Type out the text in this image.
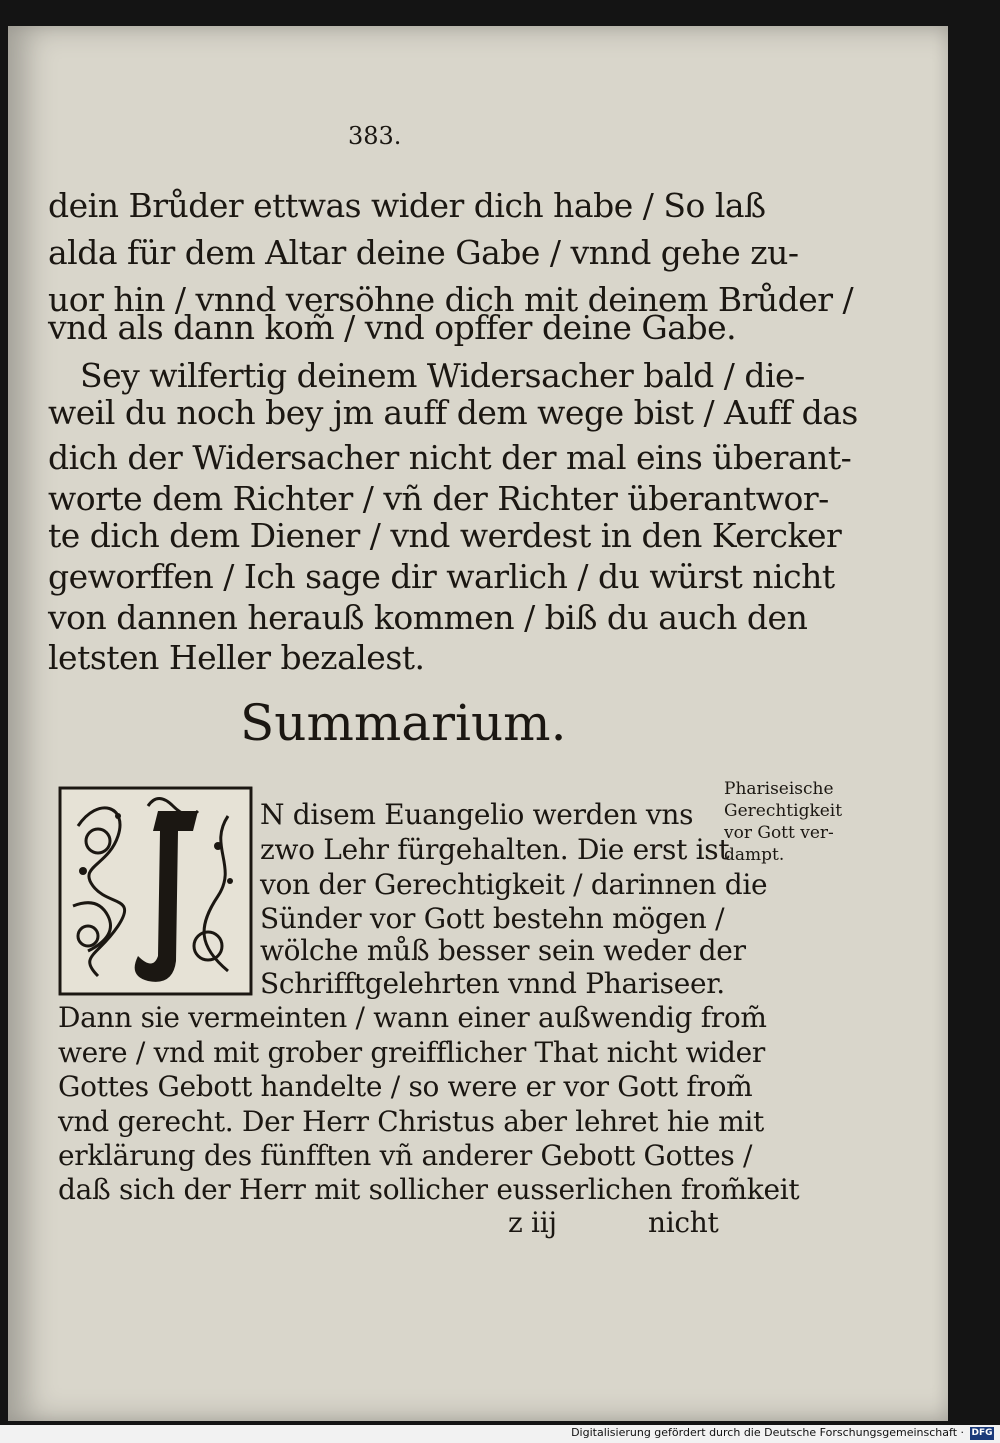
383.
dein Brůder ettwas wider dich habe / So laß
alda für dem Altar deine Gabe / vnnd gehe zu-
uor hin / vnnd versöhne dich mit deinem Brůder /
vnd als dann kom̃ / vnd opffer deine Gabe.
Sey wilfertig deinem Widersacher bald / die-
weil du noch bey jm auff dem wege bist / Auff das
dich der Widersacher nicht der mal eins überant-
worte dem Richter / vñ der Richter überantwor-
te dich dem Diener / vnd werdest in den Kercker
geworffen / Ich sage dir warlich / du würst nicht
von dannen herauß kommen / biß du auch den
letsten Heller bezalest.
Summarium.
N disem Euangelio werden vns
zwo Lehr fürgehalten. Die erst ist
von der Gerechtigkeit / darinnen die
Sünder vor Gott bestehn mögen /
wölche můß besser sein weder der
Schrifftgelehrten vnnd Phariseer.
Dann sie vermeinten / wann einer außwendig from̃
were / vnd mit grober greifflicher That nicht wider
Gottes Gebott handelte / so were er vor Gott from̃
vnd gerecht. Der Herr Christus aber lehret hie mit
erklärung des fünfften vñ anderer Gebott Gottes /
daß sich der Herr mit sollicher eusserlichen from̃keit
z iij	nicht
Phariseische
Gerechtigkeit
vor Gott ver-
dampt.
Digitalisierung gefördert durch die Deutsche Forschungsgemeinschaft · DFG
